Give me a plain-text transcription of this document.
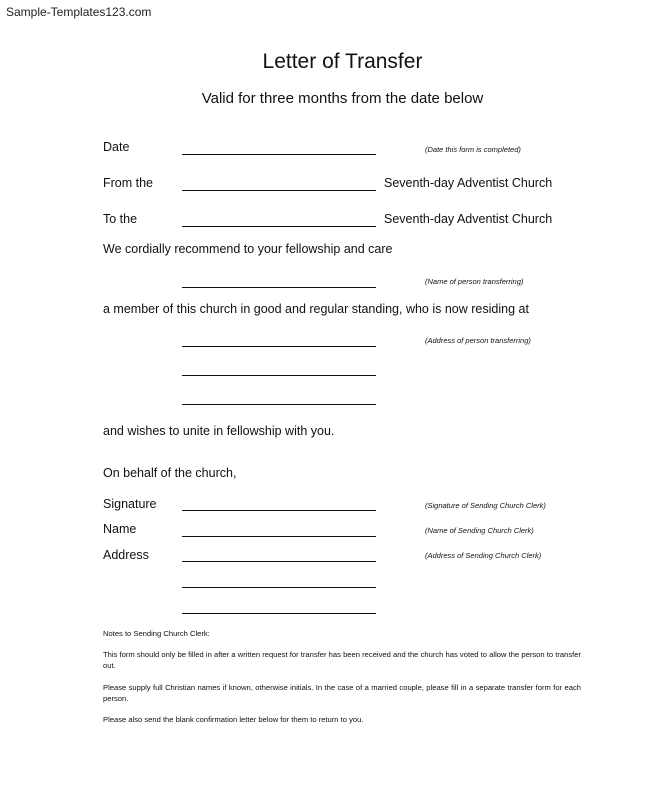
Sample-Templates123.com
Letter of Transfer
Valid for three months from the date below
Date	(Date this form is completed)
From the	Seventh-day Adventist Church
To the	Seventh-day Adventist Church
We cordially recommend to your fellowship and care
(Name of person transferring)
a member of this church in good and regular standing, who is now residing at
(Address of person transferring)
and wishes to unite in fellowship with you.
On behalf of the church,
Signature	(Signature of Sending Church Clerk)
Name	(Name of Sending Church Clerk)
Address	(Address of Sending Church Clerk)
Notes to Sending Church Clerk:
This form should only be filled in after a written request for transfer has been received and the church has voted to allow the person to transfer out.
Please supply full Christian names if known, otherwise initials. In the case of a married couple, please fill in a separate transfer form for each person.
Please also send the blank confirmation letter below for them to return to you.
